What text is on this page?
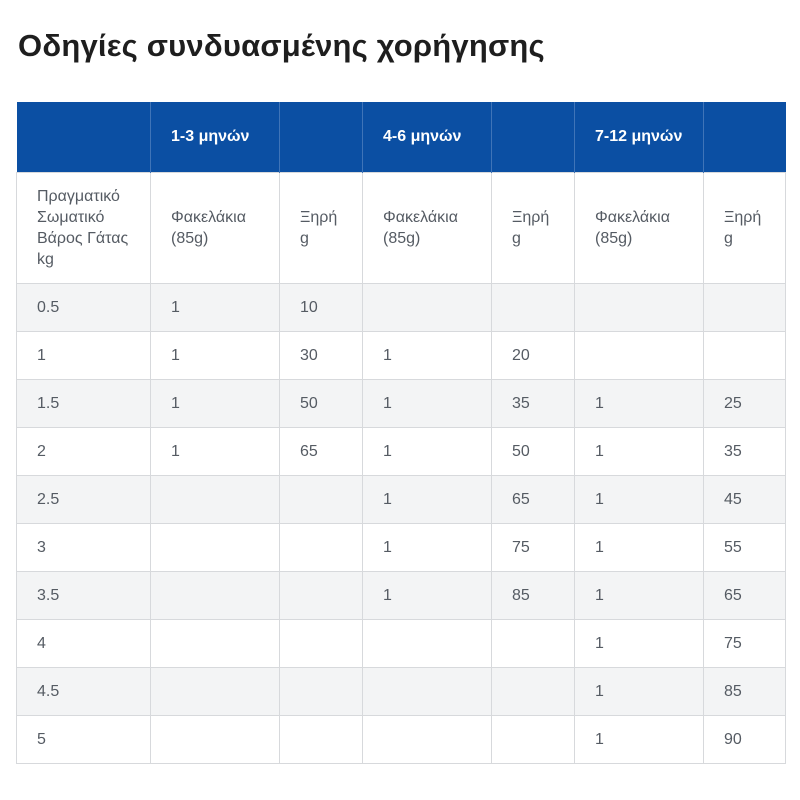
Οδηγίες συνδυασμένης χορήγησης
	1-3 μηνών		4-6 μηνών		7-12 μηνών	
Πραγματικό Σωματικό Βάρος Γάτας kg	Φακελάκια (85g)	Ξηρή g	Φακελάκια (85g)	Ξηρή g	Φακελάκια (85g)	Ξηρή g
0.5	1	10				
1	1	30	1	20		
1.5	1	50	1	35	1	25
2	1	65	1	50	1	35
2.5			1	65	1	45
3			1	75	1	55
3.5			1	85	1	65
4					1	75
4.5					1	85
5					1	90
